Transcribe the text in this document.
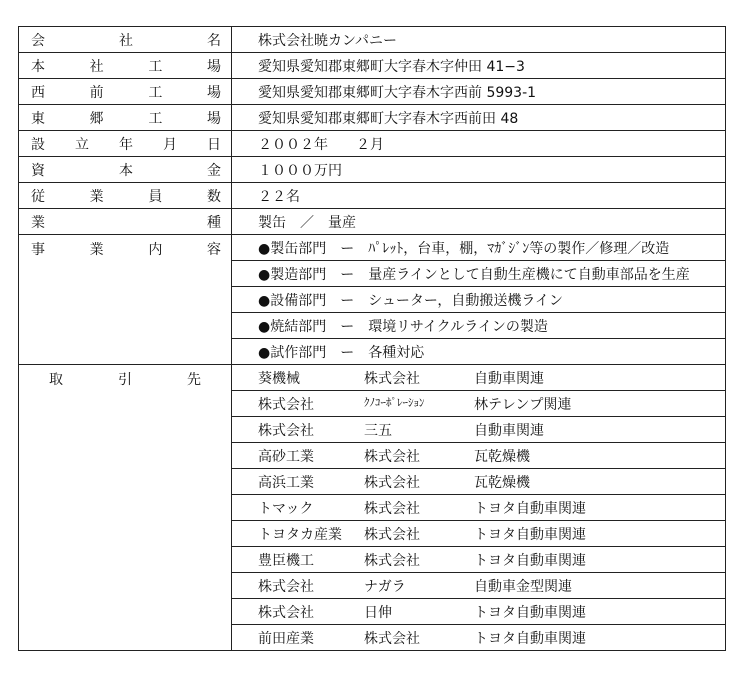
会 社 名	株式会社暁カンパニー

本 社 工 場	愛知県愛知郡東郷町大字春木字仲田 41−3

西 前 工 場	愛知県愛知郡東郷町大字春木字西前 5993-1

東 郷 工 場	愛知県愛知郡東郷町大字春木字西前田 48

設 立 年 月 日	２００２年　　２月

資 本 金	１０００万円

従 業 員 数	２２名

業 種	製缶　／　量産

事 業 内 容	●製缶部門　ー　ﾊﾟﾚｯﾄ，台車，棚，ﾏｶﾞｼﾞﾝ等の製作／修理／改造
	●製造部門　ー　量産ラインとして自動生産機にて自動車部品を生産
	●設備部門　ー　シューター，自動搬送機ライン
	●焼結部門　ー　環境リサイクルラインの製造
	●試作部門　ー　各種対応

取 引 先	葵機械 株式会社 自動車関連

	株式会社 ｸﾉｺｰﾎﾟﾚｰｼｮﾝ 林テレンプ関連

	株式会社 三五 自動車関連

	高砂工業 株式会社 瓦乾燥機

	高浜工業 株式会社 瓦乾燥機

	トマック 株式会社 トヨタ自動車関連

	トヨタカ産業 株式会社 トヨタ自動車関連

	豊臣機工 株式会社 トヨタ自動車関連

	株式会社 ナガラ 自動車金型関連

	株式会社 日伸 トヨタ自動車関連

	前田産業 株式会社 トヨタ自動車関連
